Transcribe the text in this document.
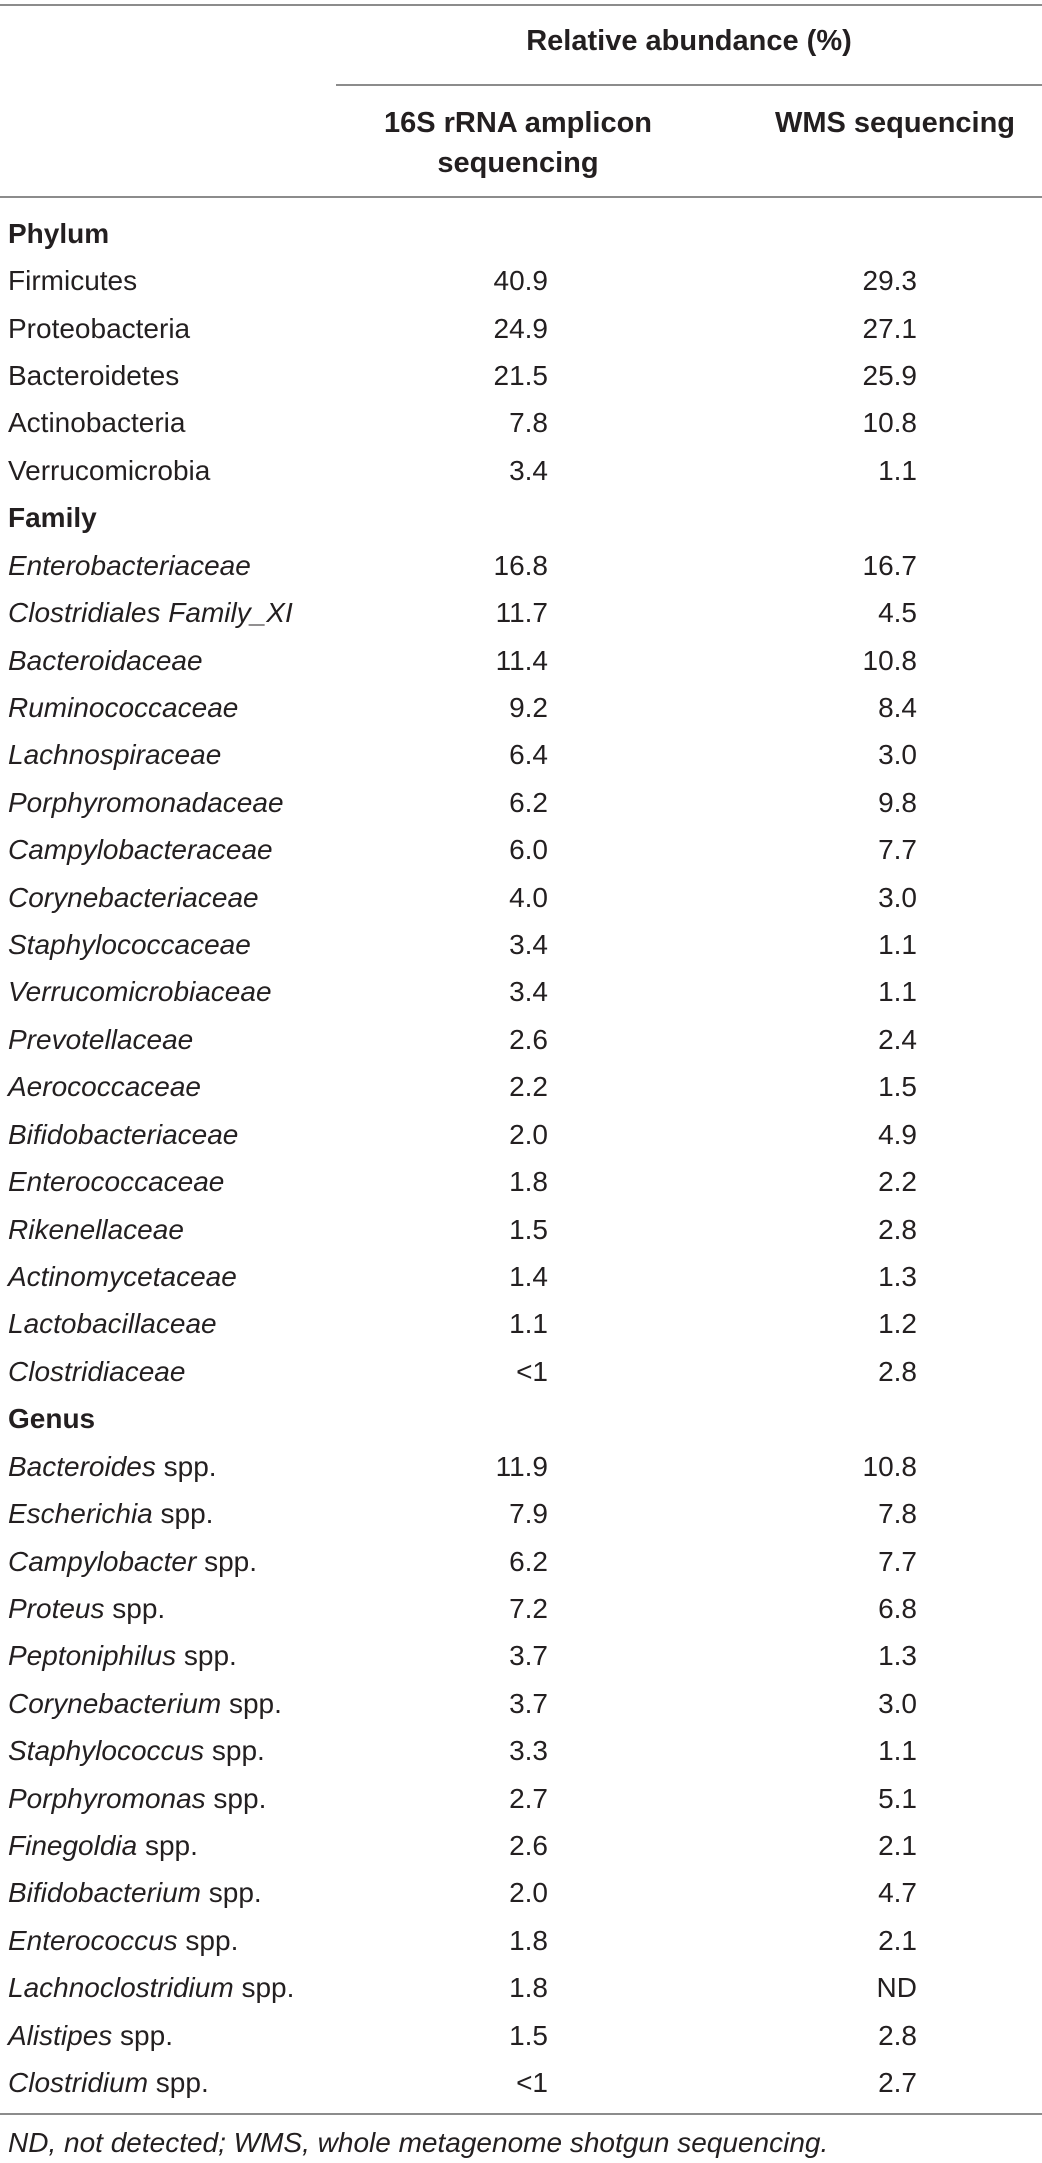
Relative abundance (%)
16S rRNA amplicon sequencing
WMS sequencing
Phylum
Firmicutes	40.9	29.3
Proteobacteria	24.9	27.1
Bacteroidetes	21.5	25.9
Actinobacteria	7.8	10.8
Verrucomicrobia	3.4	1.1
Family
Enterobacteriaceae	16.8	16.7
Clostridiales Family_XI	11.7	4.5
Bacteroidaceae	11.4	10.8
Ruminococcaceae	9.2	8.4
Lachnospiraceae	6.4	3.0
Porphyromonadaceae	6.2	9.8
Campylobacteraceae	6.0	7.7
Corynebacteriaceae	4.0	3.0
Staphylococcaceae	3.4	1.1
Verrucomicrobiaceae	3.4	1.1
Prevotellaceae	2.6	2.4
Aerococcaceae	2.2	1.5
Bifidobacteriaceae	2.0	4.9
Enterococcaceae	1.8	2.2
Rikenellaceae	1.5	2.8
Actinomycetaceae	1.4	1.3
Lactobacillaceae	1.1	1.2
Clostridiaceae	<1	2.8
Genus
Bacteroides spp.	11.9	10.8
Escherichia spp.	7.9	7.8
Campylobacter spp.	6.2	7.7
Proteus spp.	7.2	6.8
Peptoniphilus spp.	3.7	1.3
Corynebacterium spp.	3.7	3.0
Staphylococcus spp.	3.3	1.1
Porphyromonas spp.	2.7	5.1
Finegoldia spp.	2.6	2.1
Bifidobacterium spp.	2.0	4.7
Enterococcus spp.	1.8	2.1
Lachnoclostridium spp.	1.8	ND
Alistipes spp.	1.5	2.8
Clostridium spp.	<1	2.7
ND, not detected; WMS, whole metagenome shotgun sequencing.
